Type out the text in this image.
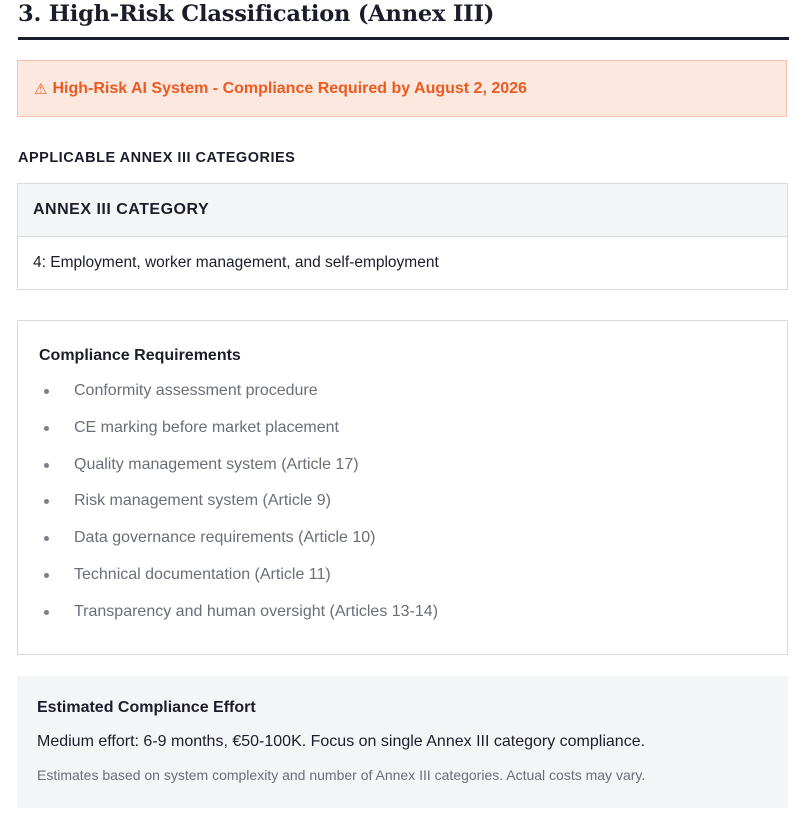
3. High-Risk Classification (Annex III)
⚠ High-Risk AI System - Compliance Required by August 2, 2026
APPLICABLE ANNEX III CATEGORIES
ANNEX III CATEGORY
4: Employment, worker management, and self-employment
Compliance Requirements
Conformity assessment procedure
CE marking before market placement
Quality management system (Article 17)
Risk management system (Article 9)
Data governance requirements (Article 10)
Technical documentation (Article 11)
Transparency and human oversight (Articles 13-14)
Estimated Compliance Effort

Medium effort: 6-9 months, €50-100K. Focus on single Annex III category compliance.

Estimates based on system complexity and number of Annex III categories. Actual costs may vary.
